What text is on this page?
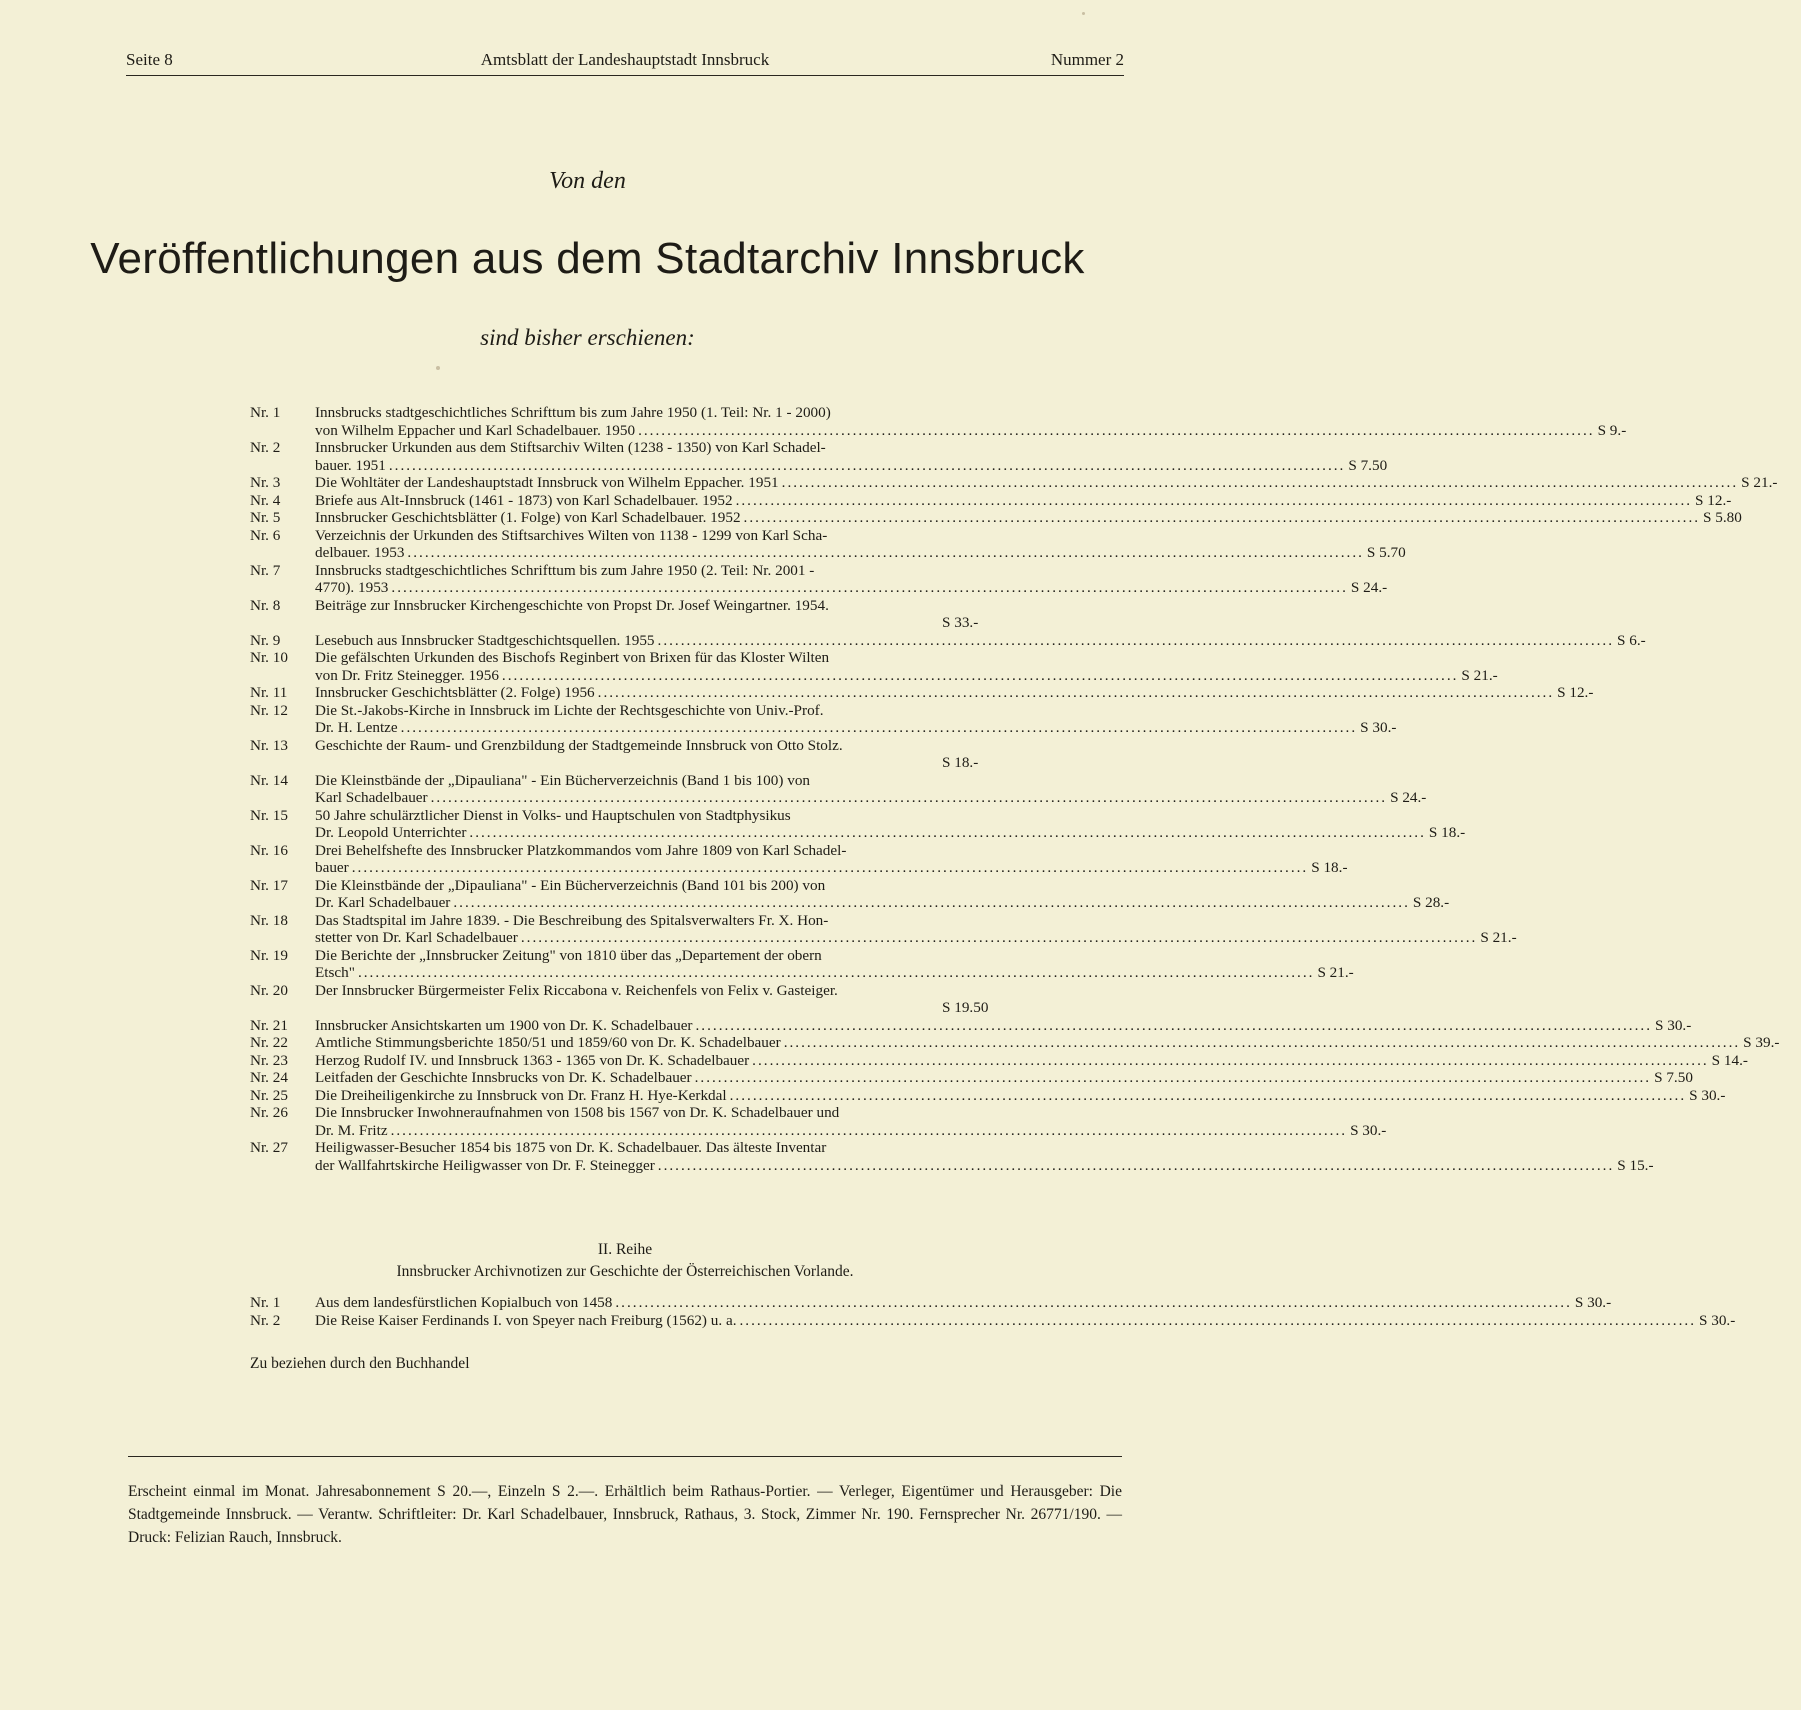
Seite 8	Amtsblatt der Landeshauptstadt Innsbruck	Nummer 2
Von den
Veröffentlichungen aus dem Stadtarchiv Innsbruck
sind bisher erschienen:
Nr. 1	Innsbrucks stadtgeschichtliches Schrifttum bis zum Jahre 1950 (1. Teil: Nr. 1 - 2000)
von Wilhelm Eppacher und Karl Schadelbauer. 1950 .....	S 9.-
Nr. 2	Innsbrucker Urkunden aus dem Stiftsarchiv Wilten (1238 - 1350) von Karl Schadel-
bauer. 1951 .....	S 7.50
Nr. 3	Die Wohltäter der Landeshauptstadt Innsbruck von Wilhelm Eppacher. 1951 .....	S 21.-
Nr. 4	Briefe aus Alt-Innsbruck (1461 - 1873) von Karl Schadelbauer. 1952 .....	S 12.-
Nr. 5	Innsbrucker Geschichtsblätter (1. Folge) von Karl Schadelbauer. 1952 .....	S 5.80
Nr. 6	Verzeichnis der Urkunden des Stiftsarchives Wilten von 1138 - 1299 von Karl Scha-
delbauer. 1953 .....	S 5.70
Nr. 7	Innsbrucks stadtgeschichtliches Schrifttum bis zum Jahre 1950 (2. Teil: Nr. 2001 -
4770). 1953 .....	S 24.-
Nr. 8	Beiträge zur Innsbrucker Kirchengeschichte von Propst Dr. Josef Weingartner. 1954.
S 33.-
Nr. 9	Lesebuch aus Innsbrucker Stadtgeschichtsquellen. 1955 .....	S 6.-
Nr. 10	Die gefälschten Urkunden des Bischofs Reginbert von Brixen für das Kloster Wilten
von Dr. Fritz Steinegger. 1956 .....	S 21.-
Nr. 11	Innsbrucker Geschichtsblätter (2. Folge) 1956 .....	S 12.-
Nr. 12	Die St.-Jakobs-Kirche in Innsbruck im Lichte der Rechtsgeschichte von Univ.-Prof.
Dr. H. Lentze .....	S 30.-
Nr. 13	Geschichte der Raum- und Grenzbildung der Stadtgemeinde Innsbruck von Otto Stolz.
S 18.-
Nr. 14	Die Kleinstbände der „Dipauliana" - Ein Bücherverzeichnis (Band 1 bis 100) von
Karl Schadelbauer .....	S 24.-
Nr. 15	50 Jahre schulärztlicher Dienst in Volks- und Hauptschulen von Stadtphysikus
Dr. Leopold Unterrichter .....	S 18.-
Nr. 16	Drei Behelfshefte des Innsbrucker Platzkommandos vom Jahre 1809 von Karl Schadel-
bauer .....	S 18.-
Nr. 17	Die Kleinstbände der „Dipauliana" - Ein Bücherverzeichnis (Band 101 bis 200) von
Dr. Karl Schadelbauer .....	S 28.-
Nr. 18	Das Stadtspital im Jahre 1839. - Die Beschreibung des Spitalsverwalters Fr. X. Hon-
stetter von Dr. Karl Schadelbauer .....	S 21.-
Nr. 19	Die Berichte der „Innsbrucker Zeitung" von 1810 über das „Departement der obern
Etsch" .....	S 21.-
Nr. 20	Der Innsbrucker Bürgermeister Felix Riccabona v. Reichenfels von Felix v. Gasteiger.
S 19.50
Nr. 21	Innsbrucker Ansichtskarten um 1900 von Dr. K. Schadelbauer .....	S 30.-
Nr. 22	Amtliche Stimmungsberichte 1850/51 und 1859/60 von Dr. K. Schadelbauer .....	S 39.-
Nr. 23	Herzog Rudolf IV. und Innsbruck 1363 - 1365 von Dr. K. Schadelbauer .....	S 14.-
Nr. 24	Leitfaden der Geschichte Innsbrucks von Dr. K. Schadelbauer .....	S 7.50
Nr. 25	Die Dreiheiligenkirche zu Innsbruck von Dr. Franz H. Hye-Kerkdal .....	S 30.-
Nr. 26	Die Innsbrucker Inwohneraufnahmen von 1508 bis 1567 von Dr. K. Schadelbauer und
Dr. M. Fritz .....	S 30.-
Nr. 27	Heiligwasser-Besucher 1854 bis 1875 von Dr. K. Schadelbauer. Das älteste Inventar
der Wallfahrtskirche Heiligwasser von Dr. F. Steinegger .....	S 15.-
II. Reihe
Innsbrucker Archivnotizen zur Geschichte der Österreichischen Vorlande.
Nr. 1	Aus dem landesfürstlichen Kopialbuch von 1458 .....	S 30.-
Nr. 2	Die Reise Kaiser Ferdinands I. von Speyer nach Freiburg (1562) u. a. .....	S 30.-
Zu beziehen durch den Buchhandel
Erscheint einmal im Monat. Jahresabonnement S 20.—, Einzeln S 2.—. Erhältlich beim Rathaus-Portier. — Verleger, Eigentümer und Herausgeber: Die Stadtgemeinde Innsbruck. — Verantw. Schriftleiter: Dr. Karl Schadelbauer, Innsbruck, Rathaus, 3. Stock, Zimmer Nr. 190. Fernsprecher Nr. 26771/190. — Druck: Felizian Rauch, Innsbruck.
